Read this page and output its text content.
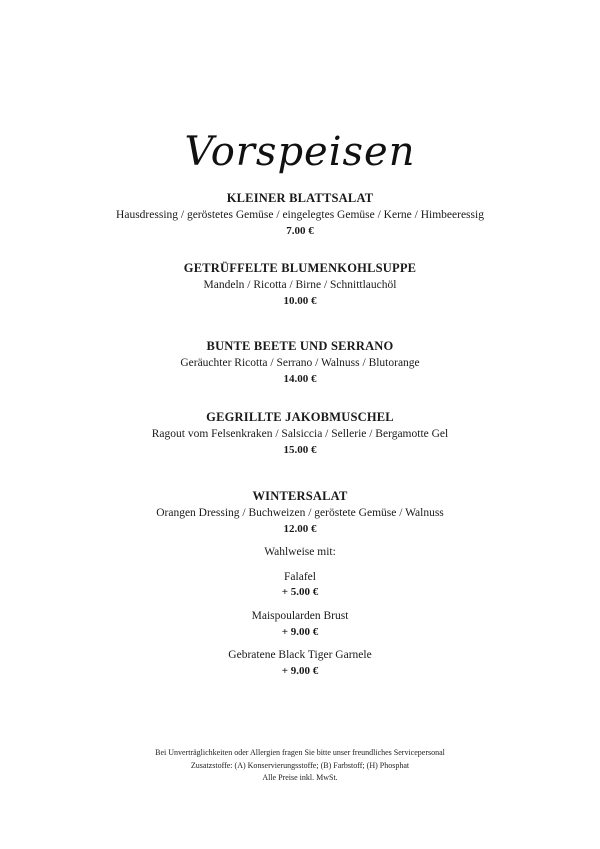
Vorspeisen
KLEINER BLATTSALAT
Hausdressing / geröstetes Gemüse / eingelegtes Gemüse / Kerne / Himbeeressig
7.00 €
GETRÜFFELTE BLUMENKOHLSUPPE
Mandeln / Ricotta / Birne / Schnittlauchöl
10.00 €
BUNTE BEETE UND SERRANO
Geräuchter Ricotta / Serrano / Walnuss / Blutorange
14.00 €
GEGRILLTE JAKOBMUSCHEL
Ragout vom Felsenkraken / Salsiccia / Sellerie / Bergamotte Gel
15.00 €
WINTERSALAT
Orangen Dressing / Buchweizen / geröstete Gemüse / Walnuss
12.00 €
Wahlweise mit:
Falafel
+ 5.00 €
Maispoularden Brust
+ 9.00 €
Gebratene Black Tiger Garnele
+ 9.00 €
Bei Unverträglichkeiten oder Allergien fragen Sie bitte unser freundliches Servicepersonal
Zusatzstoffe: (A) Konservierungsstoffe; (B) Farbstoff; (H) Phosphat
Alle Preise inkl. MwSt.
